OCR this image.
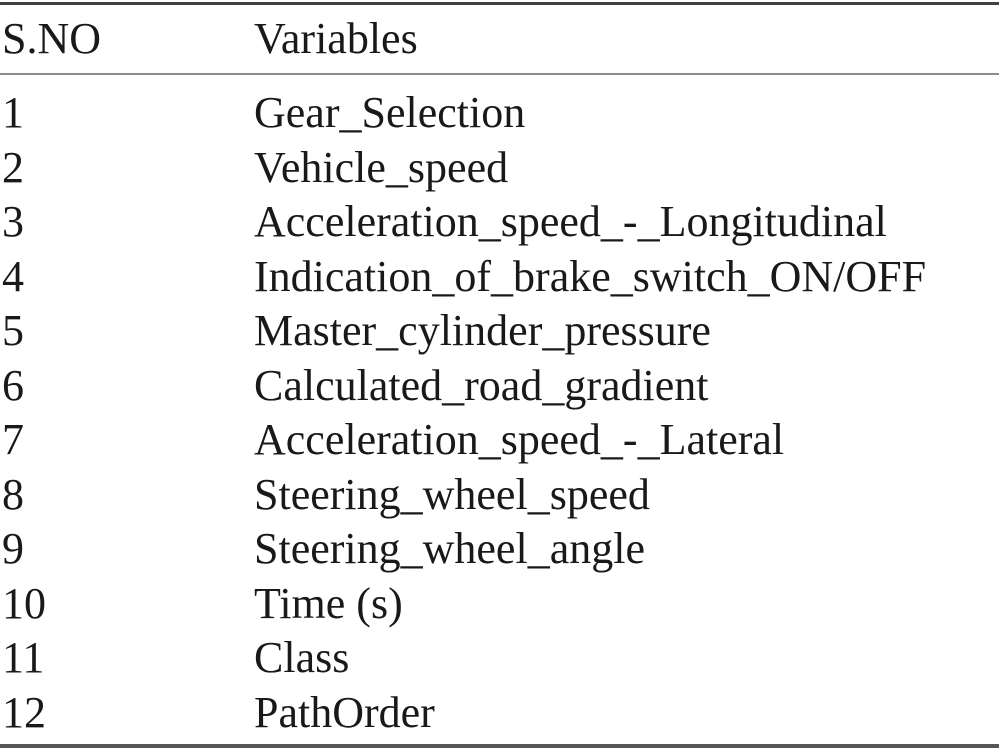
S.NO	Variables
1	Gear_Selection
2	Vehicle_speed
3	Acceleration_speed_-_Longitudinal
4	Indication_of_brake_switch_ON/OFF
5	Master_cylinder_pressure
6	Calculated_road_gradient
7	Acceleration_speed_-_Lateral
8	Steering_wheel_speed
9	Steering_wheel_angle
10	Time (s)
11	Class
12	PathOrder
